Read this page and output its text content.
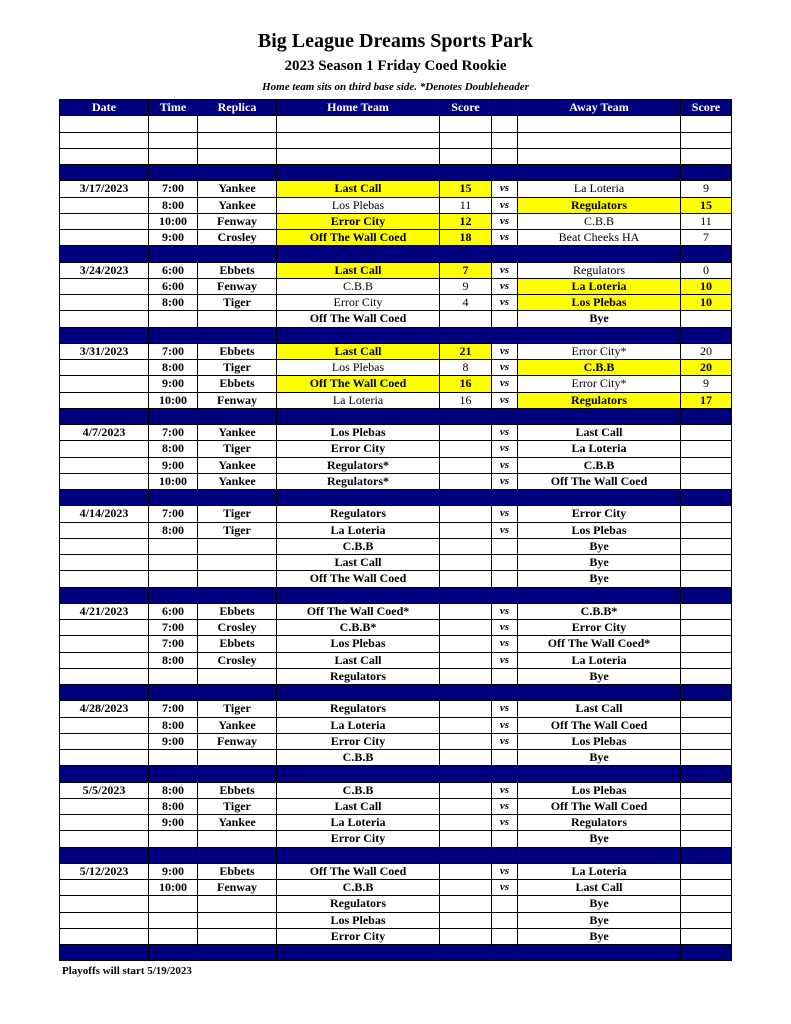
Big League Dreams Sports Park
2023 Season 1 Friday Coed Rookie
Home team sits on third base side. *Denotes Doubleheader
Date	Time	Replica	Home Team	Score		Away Team	Score

3/17/2023	7:00	Yankee	Last Call	15	vs	La Loteria	9
	8:00	Yankee	Los Plebas	11	vs	Regulators	15
	10:00	Fenway	Error City	12	vs	C.B.B	11
	9:00	Crosley	Off The Wall Coed	18	vs	Beat Cheeks HA	7

3/24/2023	6:00	Ebbets	Last Call	7	vs	Regulators	0
	6:00	Fenway	C.B.B	9	vs	La Loteria	10
	8:00	Tiger	Error City	4	vs	Los Plebas	10
			Off The Wall Coed			Bye	

3/31/2023	7:00	Ebbets	Last Call	21	vs	Error City*	20
	8:00	Tiger	Los Plebas	8	vs	C.B.B	20
	9:00	Ebbets	Off The Wall Coed	16	vs	Error City*	9
	10:00	Fenway	La Loteria	16	vs	Regulators	17

4/7/2023	7:00	Yankee	Los Plebas		vs	Last Call	
	8:00	Tiger	Error City		vs	La Loteria	
	9:00	Yankee	Regulators*		vs	C.B.B	
	10:00	Yankee	Regulators*		vs	Off The Wall Coed	

4/14/2023	7:00	Tiger	Regulators		vs	Error City	
	8:00	Tiger	La Loteria		vs	Los Plebas	
			C.B.B			Bye	
			Last Call			Bye	
			Off The Wall Coed			Bye	

4/21/2023	6:00	Ebbets	Off The Wall Coed*		vs	C.B.B*	
	7:00	Crosley	C.B.B*		vs	Error City	
	7:00	Ebbets	Los Plebas		vs	Off The Wall Coed*	
	8:00	Crosley	Last Call		vs	La Loteria	
			Regulators			Bye	

4/28/2023	7:00	Tiger	Regulators		vs	Last Call	
	8:00	Yankee	La Loteria		vs	Off The Wall Coed	
	9:00	Fenway	Error City		vs	Los Plebas	
			C.B.B			Bye	

5/5/2023	8:00	Ebbets	C.B.B		vs	Los Plebas	
	8:00	Tiger	Last Call		vs	Off The Wall Coed	
	9:00	Yankee	La Loteria		vs	Regulators	
			Error City			Bye	

5/12/2023	9:00	Ebbets	Off The Wall Coed		vs	La Loteria	
	10:00	Fenway	C.B.B		vs	Last Call	
			Regulators			Bye	
			Los Plebas			Bye	
			Error City			Bye	

Playoffs will start 5/19/2023
